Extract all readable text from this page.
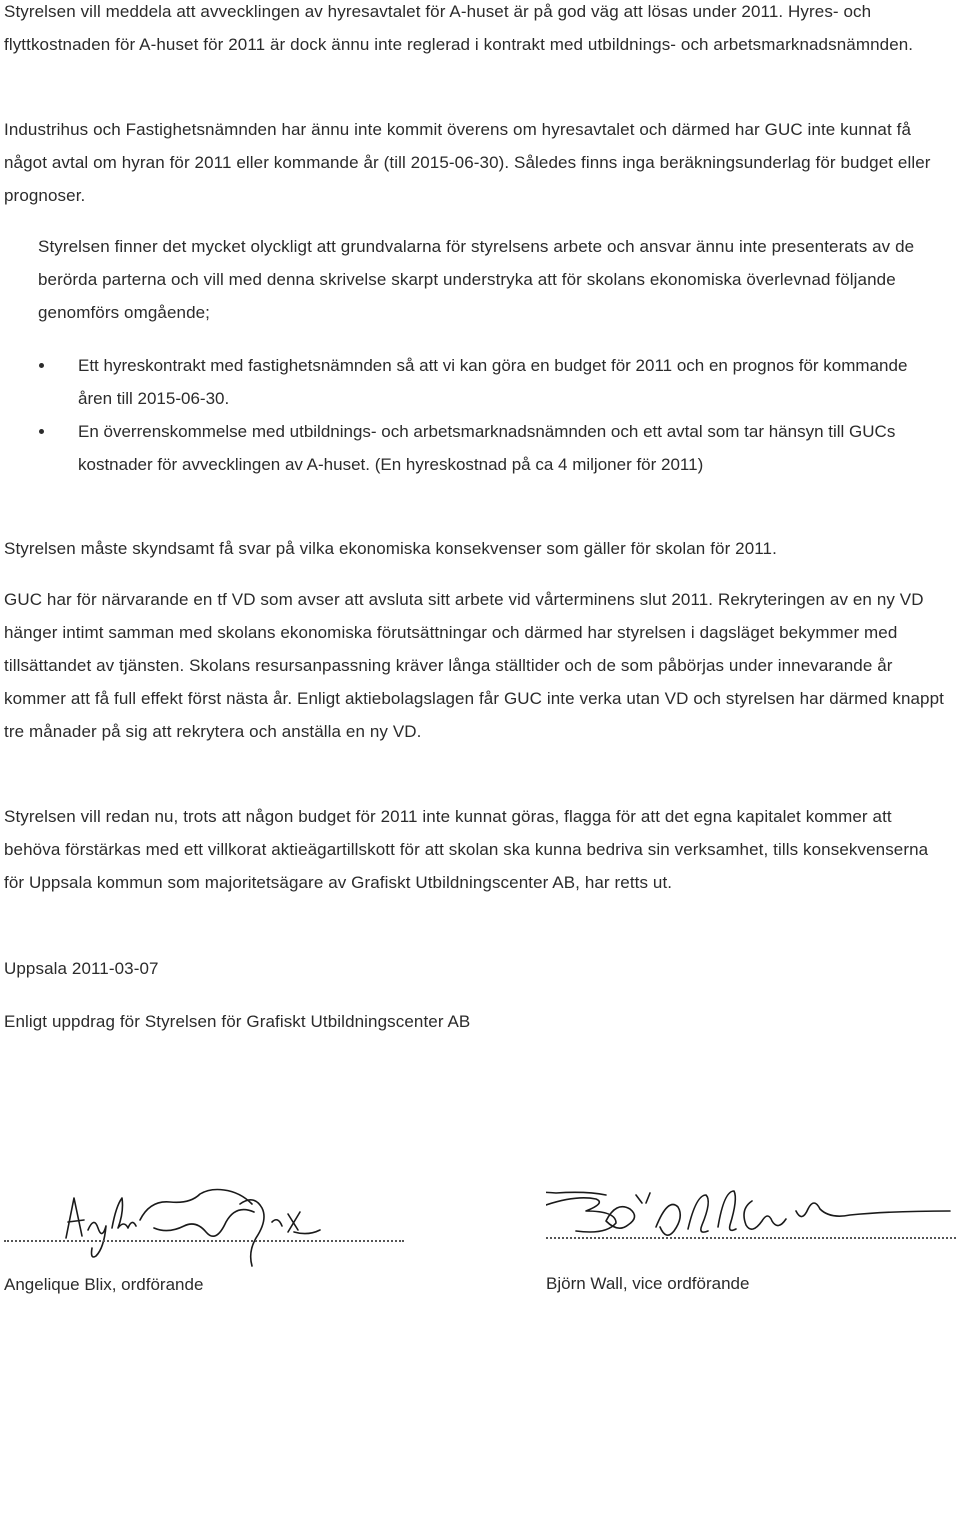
Styrelsen vill meddela att avvecklingen av hyresavtalet för A-huset är på god väg att lösas under 2011. Hyres- och flyttkostnaden för A-huset för 2011 är dock ännu inte reglerad i kontrakt med utbildnings- och arbetsmarknadsnämnden.

Industrihus och Fastighetsnämnden har ännu inte kommit överens om hyresavtalet och därmed har GUC inte kunnat få något avtal om hyran för 2011 eller kommande år (till 2015-06-30). Således finns inga beräkningsunderlag för budget eller prognoser.

Styrelsen finner det mycket olyckligt att grundvalarna för styrelsens arbete och ansvar ännu inte presenterats av de berörda parterna och vill med denna skrivelse skarpt understryka att för skolans ekonomiska överlevnad följande genomförs omgående;

Ett hyreskontrakt med fastighetsnämnden så att vi kan göra en budget för 2011 och en prognos för kommande åren till 2015-06-30.
En överrenskommelse med utbildnings- och arbetsmarknadsnämnden och ett avtal som tar hänsyn till GUCs kostnader för avvecklingen av A-huset. (En hyreskostnad på ca 4 miljoner för 2011)

Styrelsen måste skyndsamt få svar på vilka ekonomiska konsekvenser som gäller för skolan för 2011.

GUC har för närvarande en tf VD som avser att avsluta sitt arbete vid vårterminens slut 2011. Rekryteringen av en ny VD hänger intimt samman med skolans ekonomiska förutsättningar och därmed har styrelsen i dagsläget bekymmer med tillsättandet av tjänsten. Skolans resursanpassning kräver långa ställtider och de som påbörjas under innevarande år kommer att få full effekt först nästa år. Enligt aktiebolagslagen får GUC inte verka utan VD och styrelsen har därmed knappt tre månader på sig att rekrytera och anställa en ny VD.

Styrelsen vill redan nu, trots att någon budget för 2011 inte kunnat göras, flagga för att det egna kapitalet kommer att behöva förstärkas med ett villkorat aktieägartillskott för att skolan ska kunna bedriva sin verksamhet, tills konsekvenserna för Uppsala kommun som majoritetsägare av Grafiskt Utbildningscenter AB, har retts ut.

Uppsala 2011-03-07

Enligt uppdrag för Styrelsen för Grafiskt Utbildningscenter AB

Angelique Blix, ordförande	Björn Wall, vice ordförande
